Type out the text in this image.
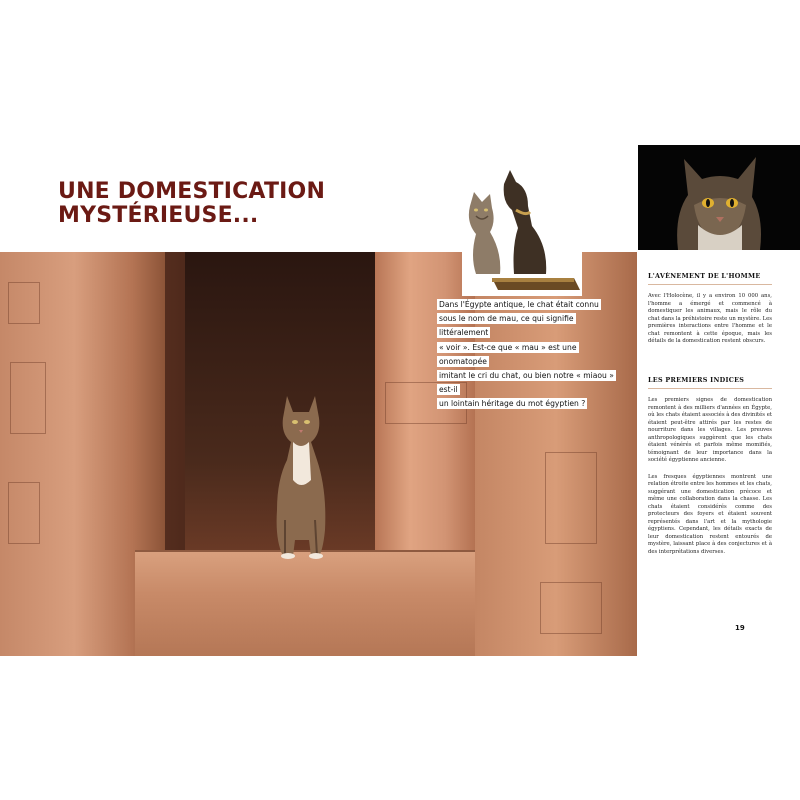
UNE DOMESTICATION
MYSTÉRIEUSE...

Dans l'Égypte antique, le chat était connu
sous le nom de mau, ce qui signifie littéralement
« voir ». Est-ce que « mau » est une onomatopée
imitant le cri du chat, ou bien notre « miaou » est-il
un lointain héritage du mot égyptien ?

L'AVÈNEMENT DE L'HOMME

Avec l'Holocène, il y a environ 10 000 ans, l'homme a émergé et commencé à domestiquer les animaux, mais le rôle du chat dans la préhistoire reste un mystère. Les premières interactions entre l'homme et le chat remontent à cette époque, mais les détails de la domestication restent obscurs.

LES PREMIERS INDICES

Les premiers signes de domestication remontent à des milliers d'années en Égypte, où les chats étaient associés à des divinités et étaient peut-être attirés par les restes de nourriture dans les villages. Les preuves anthropologiques suggèrent que les chats étaient vénérés et parfois même momifiés, témoignant de leur importance dans la société égyptienne ancienne.

Les fresques égyptiennes montrent une relation étroite entre les hommes et les chats, suggérant une domestication précoce et même une collaboration dans la chasse. Les chats étaient considérés comme des protecteurs des foyers et étaient souvent représentés dans l'art et la mythologie égyptiens. Cependant, les détails exacts de leur domestication restent entourés de mystère, laissant place à des conjectures et à des interprétations diverses.

19
